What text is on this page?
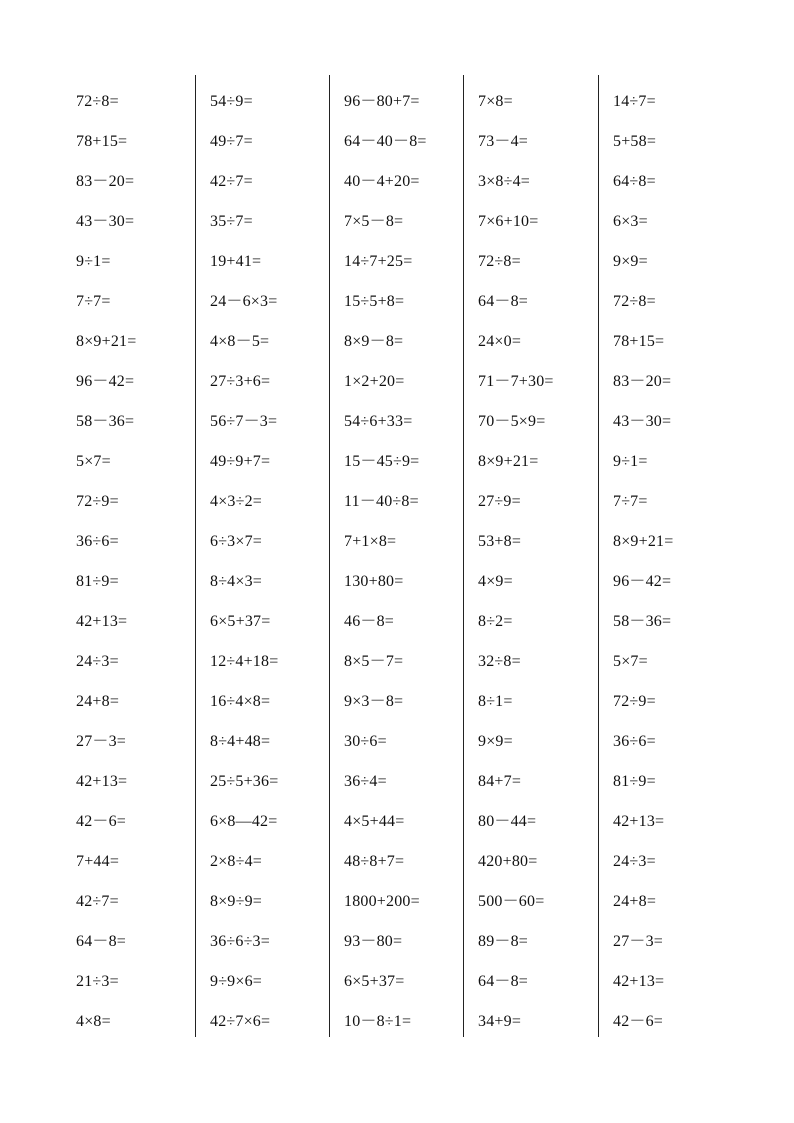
72÷8=
78+15=
83－20=
43－30=
9÷1=
7÷7=
8×9+21=
96－42=
58－36=
5×7=
72÷9=
36÷6=
81÷9=
42+13=
24÷3=
24+8=
27－3=
42+13=
42－6=
7+44=
42÷7=
64－8=
21÷3=
4×8=
54÷9=
49÷7=
42÷7=
35÷7=
19+41=
24－6×3=
4×8－5=
27÷3+6=
56÷7－3=
49÷9+7=
4×3÷2=
6÷3×7=
8÷4×3=
6×5+37=
12÷4+18=
16÷4×8=
8÷4+48=
25÷5+36=
6×8—42=
2×8÷4=
8×9÷9=
36÷6÷3=
9÷9×6=
42÷7×6=
96－80+7=
64－40－8=
40－4+20=
7×5－8=
14÷7+25=
15÷5+8=
8×9－8=
1×2+20=
54÷6+33=
15－45÷9=
11－40÷8=
7+1×8=
130+80=
46－8=
8×5－7=
9×3－8=
30÷6=
36÷4=
4×5+44=
48÷8+7=
1800+200=
93－80=
6×5+37=
10－8÷1=
7×8=
73－4=
3×8÷4=
7×6+10=
72÷8=
64－8=
24×0=
71－7+30=
70－5×9=
8×9+21=
27÷9=
53+8=
4×9=
8÷2=
32÷8=
8÷1=
9×9=
84+7=
80－44=
420+80=
500－60=
89－8=
64－8=
34+9=
14÷7=
5+58=
64÷8=
6×3=
9×9=
72÷8=
78+15=
83－20=
43－30=
9÷1=
7÷7=
8×9+21=
96－42=
58－36=
5×7=
72÷9=
36÷6=
81÷9=
42+13=
24÷3=
24+8=
27－3=
42+13=
42－6=
